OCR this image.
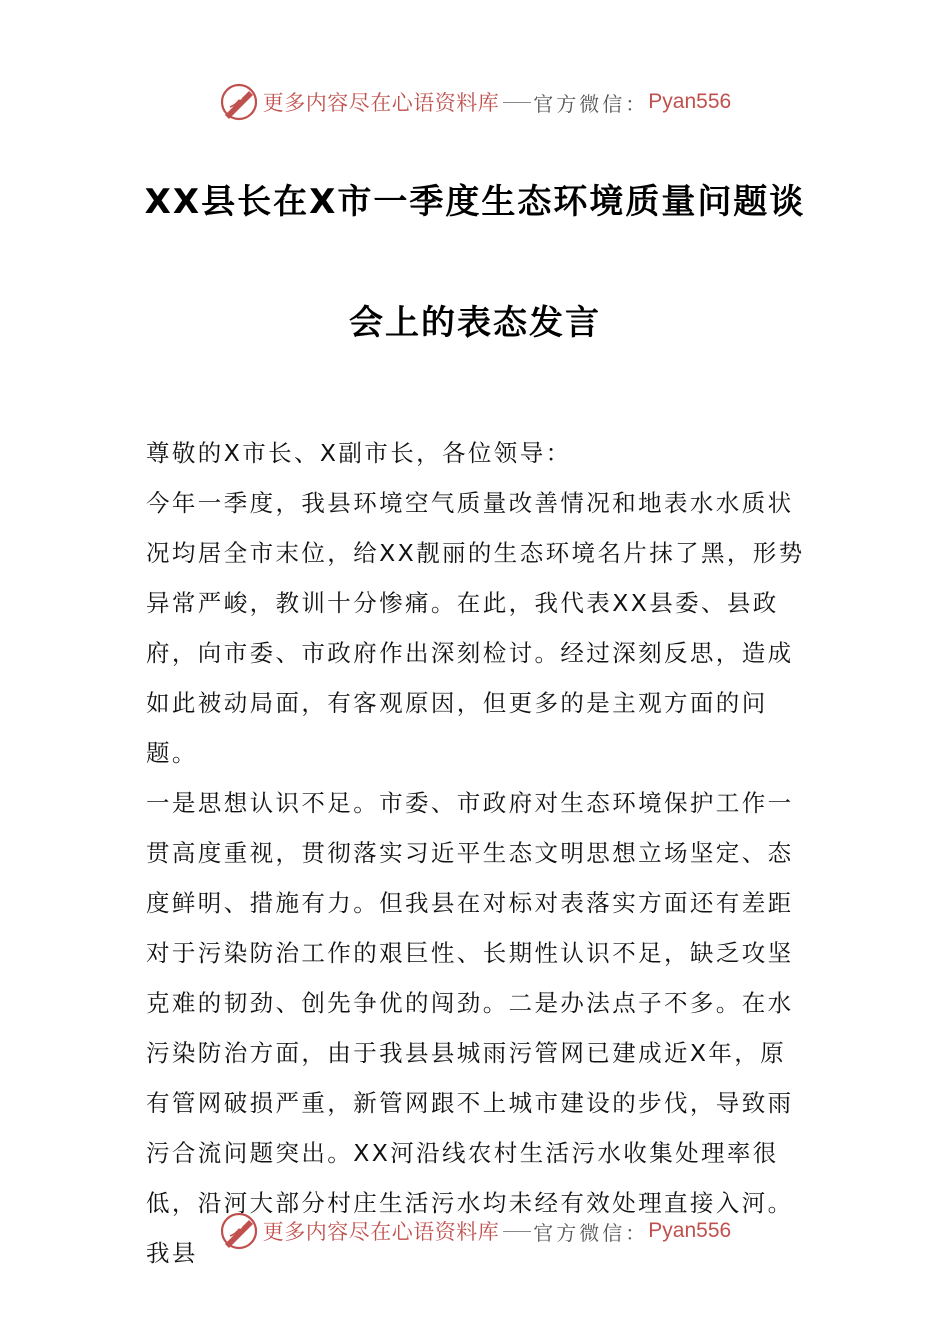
更多内容尽在心语资料库 官方微信： Pyan556
XX县长在X市一季度生态环境质量问题谈
会上的表态发言

尊敬的X市长、X副市长，各位领导：

今年一季度，我县环境空气质量改善情况和地表水水质状况均居全市末位，给XX靓丽的生态环境名片抹了黑，形势异常严峻，教训十分惨痛。在此，我代表XX县委、县政府，向市委、市政府作出深刻检讨。经过深刻反思，造成如此被动局面，有客观原因，但更多的是主观方面的问题。

一是思想认识不足。市委、市政府对生态环境保护工作一贯高度重视，贯彻落实习近平生态文明思想立场坚定、态度鲜明、措施有力。但我县在对标对表落实方面还有差距对于污染防治工作的艰巨性、长期性认识不足，缺乏攻坚克难的韧劲、创先争优的闯劲。二是办法点子不多。在水污染防治方面，由于我县县城雨污管网已建成近X年，原有管网破损严重，新管网跟不上城市建设的步伐，导致雨污合流问题突出。XX河沿线农村生活污水收集处理率很低，沿河大部分村庄生活污水均未经有效处理直接入河。我县

更多内容尽在心语资料库 官方微信： Pyan556
